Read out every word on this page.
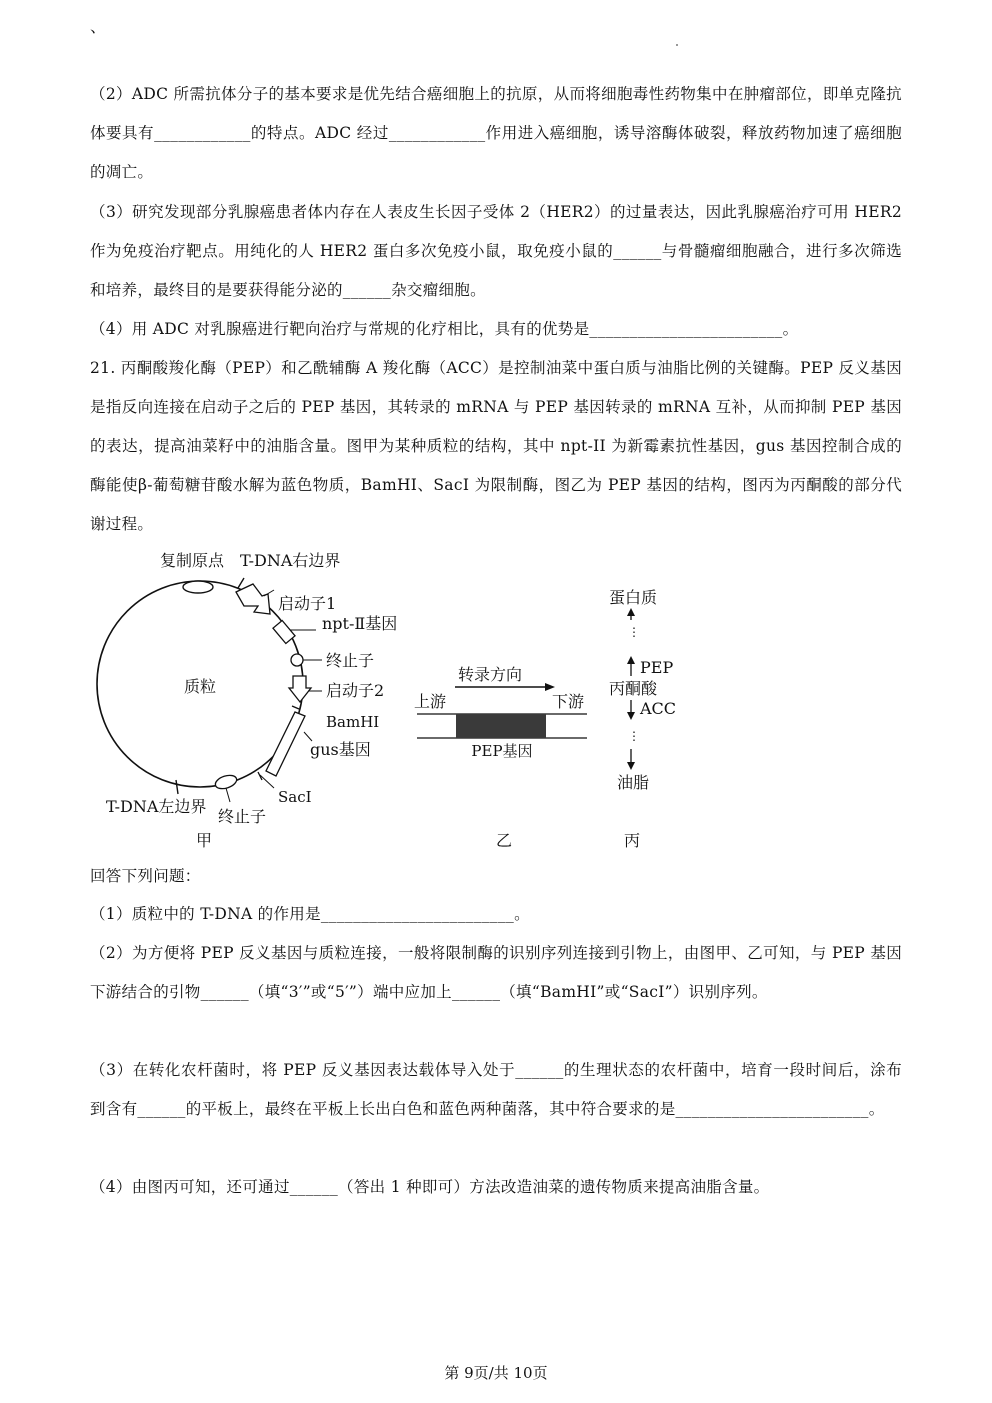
、
（2）ADC 所需抗体分子的基本要求是优先结合癌细胞上的抗原，从而将细胞毒性药物集中在肿瘤部位，即单克隆抗体要具有____________的特点。ADC 经过____________作用进入癌细胞，诱导溶酶体破裂，释放药物加速了癌细胞的凋亡。
（3）研究发现部分乳腺癌患者体内存在人表皮生长因子受体 2（HER2）的过量表达，因此乳腺癌治疗可用 HER2 作为免疫治疗靶点。用纯化的人 HER2 蛋白多次免疫小鼠，取免疫小鼠的______与骨髓瘤细胞融合，进行多次筛选和培养，最终目的是要获得能分泌的______杂交瘤细胞。
（4）用 ADC 对乳腺癌进行靶向治疗与常规的化疗相比，具有的优势是________________________。
21. 丙酮酸羧化酶（PEP）和乙酰辅酶 A 羧化酶（ACC）是控制油菜中蛋白质与油脂比例的关键酶。PEP 反义基因是指反向连接在启动子之后的 PEP 基因，其转录的 mRNA 与 PEP 基因转录的 mRNA 互补，从而抑制 PEP 基因的表达，提高油菜籽中的油脂含量。图甲为某种质粒的结构，其中 npt-II 为新霉素抗性基因，gus 基因控制合成的酶能使β-葡萄糖苷酸水解为蓝色物质，BamHI、SacI 为限制酶，图乙为 PEP 基因的结构，图丙为丙酮酸的部分代谢过程。
质粒
复制原点 T-DNA右边界
启动子1
npt-Ⅱ基因
终止子
启动子2
BamHⅠ
gus基因
SacⅠ
T-DNA左边界
终止子
甲
转录方向
上游	下游
PEP基因
乙
蛋白质
⋮
PEP
丙酮酸
ACC
⋮
油脂
丙
回答下列问题：
（1）质粒中的 T-DNA 的作用是________________________。
（2）为方便将 PEP 反义基因与质粒连接，一般将限制酶的识别序列连接到引物上，由图甲、乙可知，与 PEP 基因下游结合的引物______（填“3′”或“5′”）端中应加上______（填“BamHI”或“SacI”）识别序列。
（3）在转化农杆菌时，将 PEP 反义基因表达载体导入处于______的生理状态的农杆菌中，培育一段时间后，涂布到含有______的平板上，最终在平板上长出白色和蓝色两种菌落，其中符合要求的是________________________。
（4）由图丙可知，还可通过______（答出 1 种即可）方法改造油菜的遗传物质来提高油脂含量。
第 9页/共 10页
